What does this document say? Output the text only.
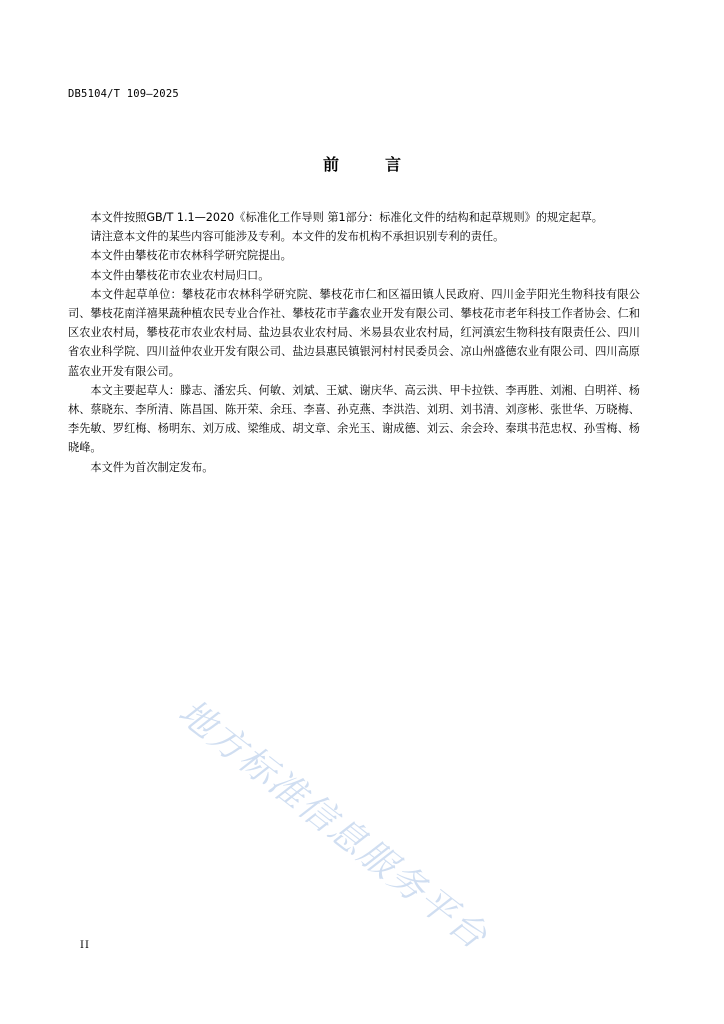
DB5104/T 109—2025
前言

本文件按照GB/T 1.1—2020《标准化工作导则 第1部分：标准化文件的结构和起草规则》的规定起草。

请注意本文件的某些内容可能涉及专利。本文件的发布机构不承担识别专利的责任。

本文件由攀枝花市农林科学研究院提出。

本文件由攀枝花市农业农村局归口。

本文件起草单位：攀枝花市农林科学研究院、攀枝花市仁和区福田镇人民政府、四川金芋阳光生物科技有限公司、攀枝花南洋禧果蔬种植农民专业合作社、攀枝花市芋鑫农业开发有限公司、攀枝花市老年科技工作者协会、仁和区农业农村局，攀枝花市农业农村局、盐边县农业农村局、米易县农业农村局，红河滇宏生物科技有限责任公、四川省农业科学院、四川益仲农业开发有限公司、盐边县惠民镇银河村村民委员会、凉山州盛德农业有限公司、四川高原蓝农业开发有限公司。

本文主要起草人：滕志、潘宏兵、何敏、刘斌、王斌、谢庆华、高云洪、甲卡拉铁、李再胜、刘湘、白明祥、杨林、蔡晓东、李所清、陈昌国、陈开荣、余珏、李喜、孙克燕、李洪浩、刘玥、刘书清、刘彦彬、张世华、万晓梅、李先敏、罗红梅、杨明东、刘万成、梁维成、胡文章、余光玉、谢成德、刘云、余会玲、秦琪书范忠权、孙雪梅、杨晓峰。

本文件为首次制定发布。

地方标准信息服务平台
II
